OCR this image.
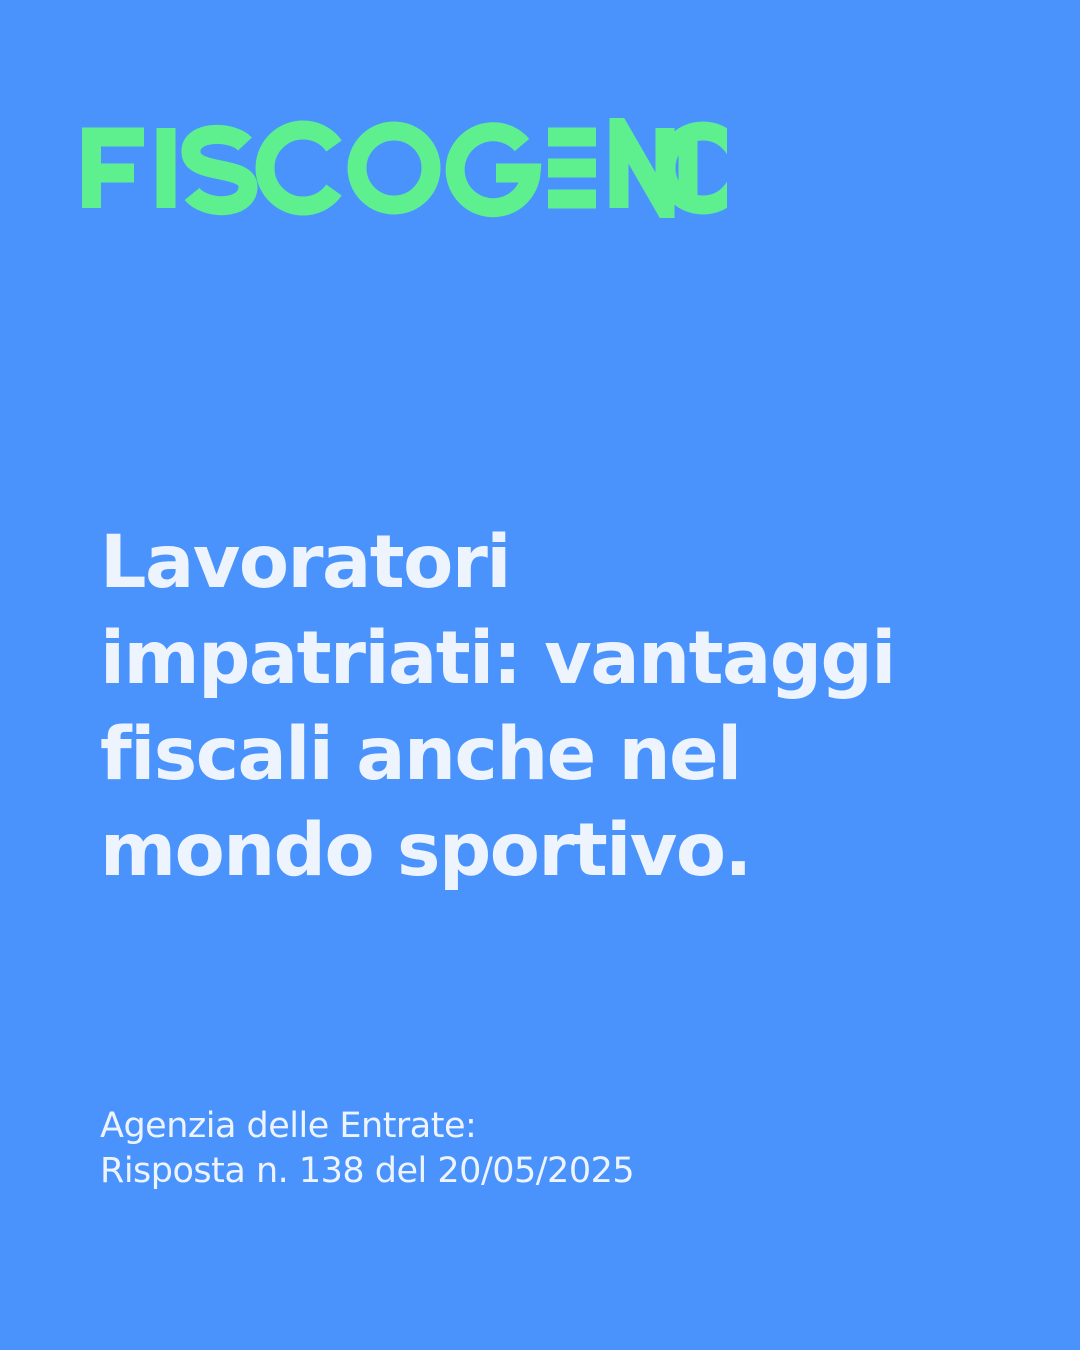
Lavoratori
impatriati: vantaggi
fiscali anche nel
mondo sportivo.
Agenzia delle Entrate:
Risposta n. 138 del 20/05/2025
